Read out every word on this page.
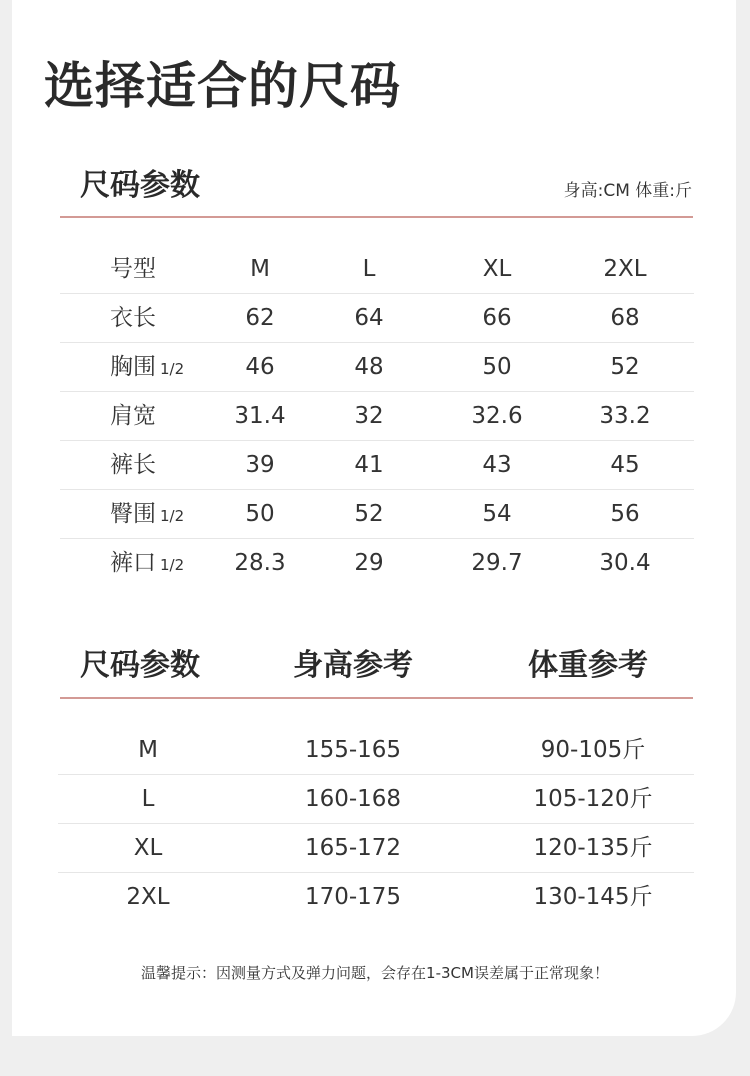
选择适合的尺码
尺码参数	身高:CM 体重:斤
号型	M	L	XL	2XL
衣长	62	64	66	68
胸围 1/2	46	48	50	52
肩宽	31.4	32	32.6	33.2
裤长	39	41	43	45
臀围 1/2	50	52	54	56
裤口 1/2	28.3	29	29.7	30.4
尺码参数	身高参考	体重参考
M	155-165	90-105斤
L	160-168	105-120斤
XL	165-172	120-135斤
2XL	170-175	130-145斤
温馨提示：因测量方式及弹力问题，会存在1-3CM误差属于正常现象！
